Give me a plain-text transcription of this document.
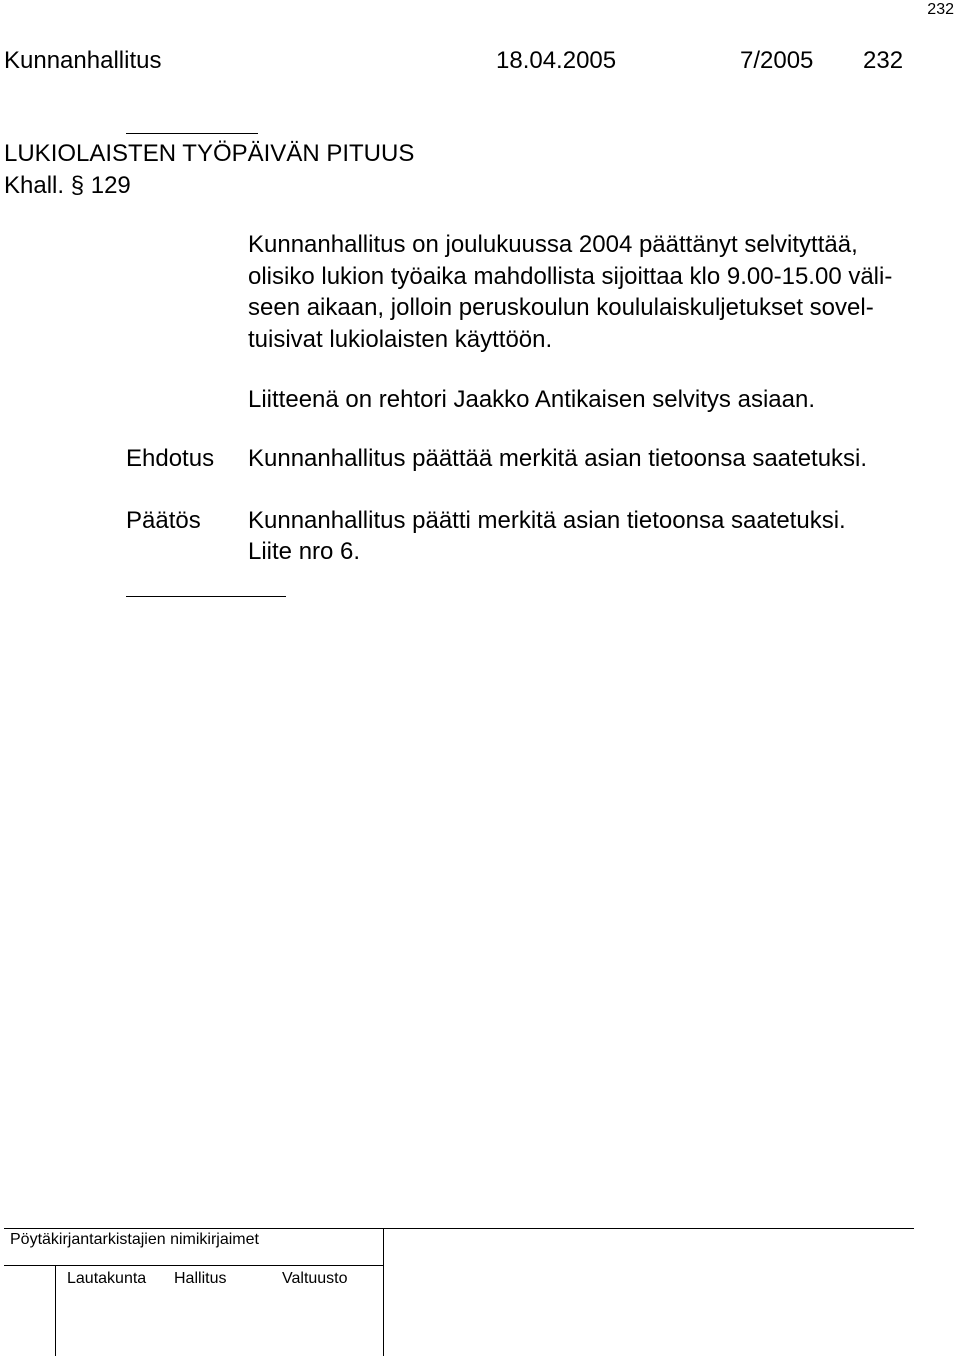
232
Kunnanhallitus	18.04.2005	7/2005 232
LUKIOLAISTEN TYÖPÄIVÄN PITUUS
Khall. § 129
Kunnanhallitus on joulukuussa 2004 päättänyt selvityttää,
olisiko lukion työaika mahdollista sijoittaa klo 9.00-15.00 väli-
seen aikaan, jolloin peruskoulun koululaiskuljetukset sovel-
tuisivat lukiolaisten käyttöön.
Liitteenä on rehtori Jaakko Antikaisen selvitys asiaan.
Ehdotus Kunnanhallitus päättää merkitä asian tietoonsa saatetuksi.
Päätös Kunnanhallitus päätti merkitä asian tietoonsa saatetuksi.
Liite nro 6.
Pöytäkirjantarkistajien nimikirjaimet
Lautakunta Hallitus	Valtuusto
